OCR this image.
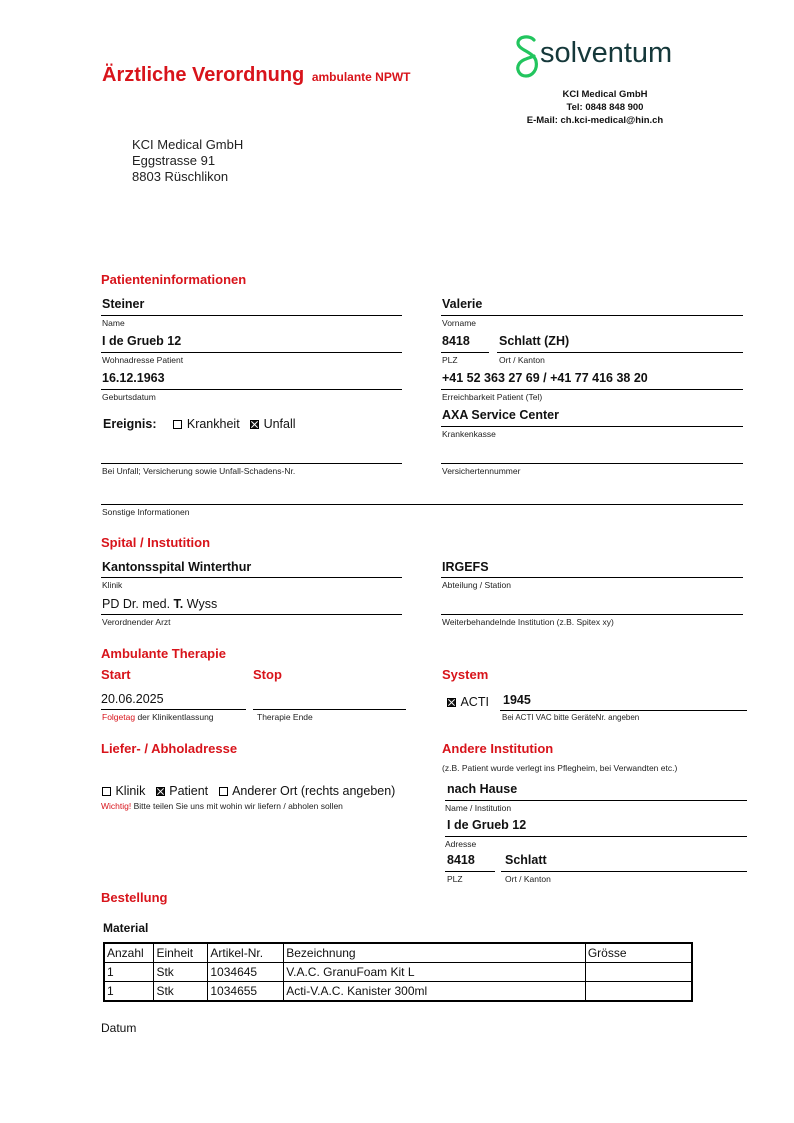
Ärztliche Verordnung ambulante NPWT
solventum
KCI Medical GmbH
Tel: 0848 848 900
E-Mail: ch.kci-medical@hin.ch
KCI Medical GmbH
Eggstrasse 91
8803 Rüschlikon
Patienteninformationen
Steiner
Name
Valerie
Vorname
I de Grueb 12
Wohnadresse Patient
8418
PLZ
Schlatt (ZH)
Ort / Kanton
16.12.1963
Geburtsdatum
+41 52 363 27 69 / +41 77 416 38 20
Erreichbarkeit Patient (Tel)
Ereignis: Krankheit Unfall
AXA Service Center
Krankenkasse
Bei Unfall; Versicherung sowie Unfall-Schadens-Nr.	Versichertennummer
Sonstige Informationen
Spital / Instutition
Kantonsspital Winterthur
Klinik
IRGEFS
Abteilung / Station
PD Dr. med. T. Wyss
Verordnender Arzt	Weiterbehandelnde Institution (z.B. Spitex xy)
Ambulante Therapie
Start	Stop
20.06.2025
Folgetag der Klinikentlassung	Therapie Ende
System
ACTI 1945
Bei ACTI VAC bitte GeräteNr. angeben
Liefer- / Abholadresse
Klinik Patient Anderer Ort (rechts angeben)
Wichtig! Bitte teilen Sie uns mit wohin wir liefern / abholen sollen
Andere Institution
(z.B. Patient wurde verlegt ins Pflegheim, bei Verwandten etc.)
nach Hause
Name / Institution
I de Grueb 12
Adresse
8418
PLZ
Schlatt
Ort / Kanton
Bestellung
Material
Anzahl	Einheit	Artikel-Nr.	Bezeichnung	Grösse
1	Stk	1034645	V.A.C. GranuFoam Kit L	
1	Stk	1034655	Acti-V.A.C. Kanister 300ml	
Datum
